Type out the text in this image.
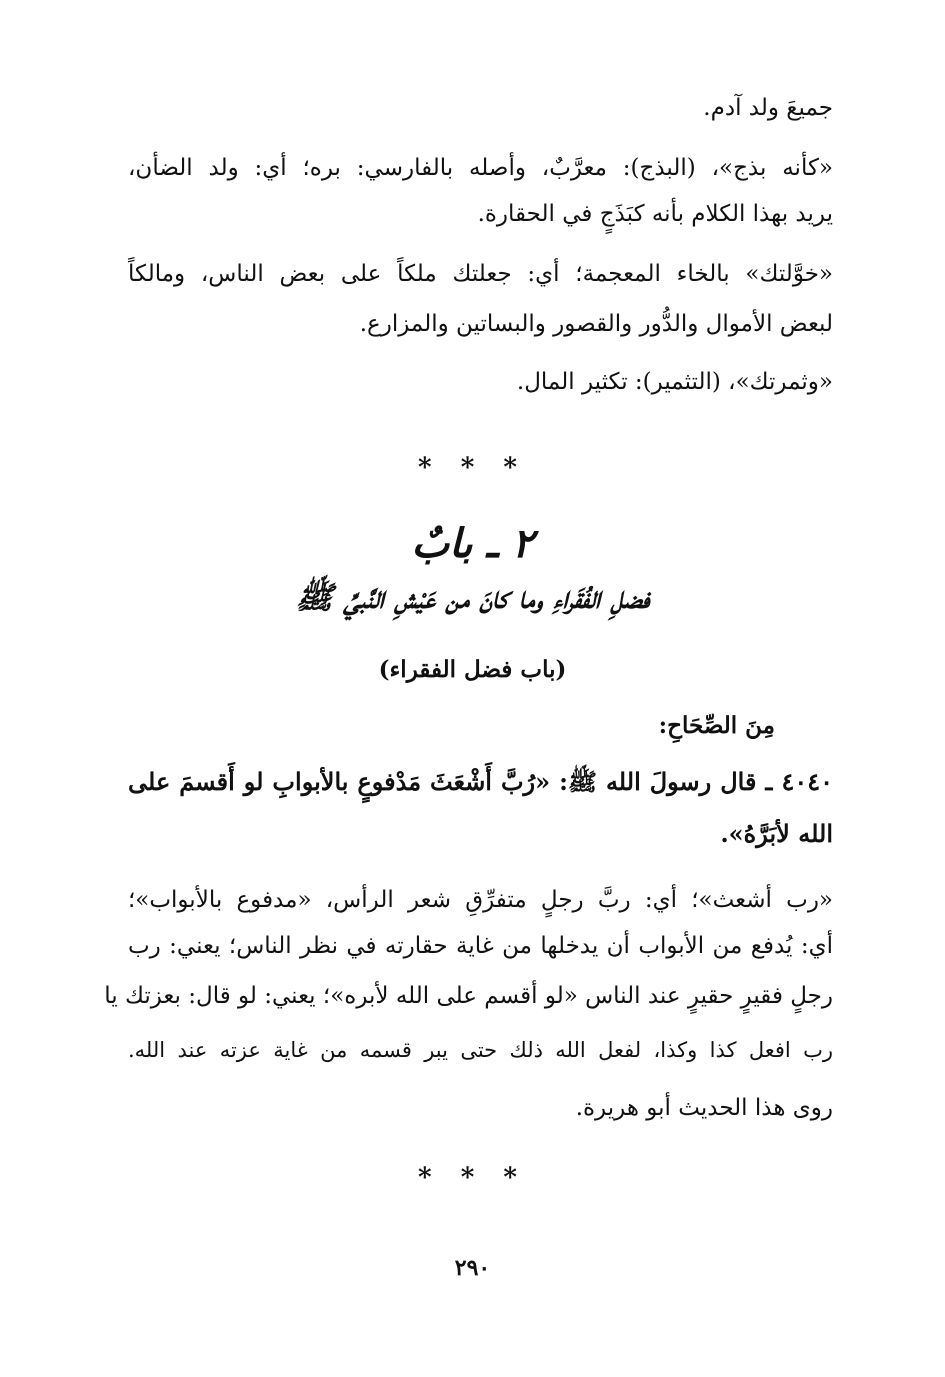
جميعَ ولد آدم.
«كأنه بذج»، (البذج): معرَّبٌ، وأصله بالفارسي: بره؛ أي: ولد الضأن،
يريد بهذا الكلام بأنه كبَذَجٍ في الحقارة.
«خوَّلتك» بالخاء المعجمة؛ أي: جعلتك ملكاً على بعض الناس، ومالكاً
لبعض الأموال والدُّور والقصور والبساتين والمزارع.
«وثمرتك»، (التثمير): تكثير المال.
* * *
٢ ـ بابٌ
فضلِ الفُقَراءِ وما كانَ من عَيْشِ النَّبيِّ ﷺ
(باب فضل الفقراء)
مِنَ الصِّحَاحِ:
٤٠٤٠ ـ قال رسولَ الله ﷺ: «رُبَّ أَشْعَثَ مَدْفوعٍ بالأبوابِ لو أَقسمَ على
الله لأبَرَّهُ».
«رب أشعث»؛ أي: ربَّ رجلٍ متفرِّقِ شعر الرأس، «مدفوع بالأبواب»؛
أي: يُدفع من الأبواب أن يدخلها من غاية حقارته في نظر الناس؛ يعني: رب
رجلٍ فقيرٍ حقيرٍ عند الناس «لو أقسم على الله لأبره»؛ يعني: لو قال: بعزتك يا
رب افعل كذا وكذا، لفعل الله ذلك حتى يبر قسمه من غاية عزته عند الله.
روى هذا الحديث أبو هريرة.
* * *
٢٩٠
